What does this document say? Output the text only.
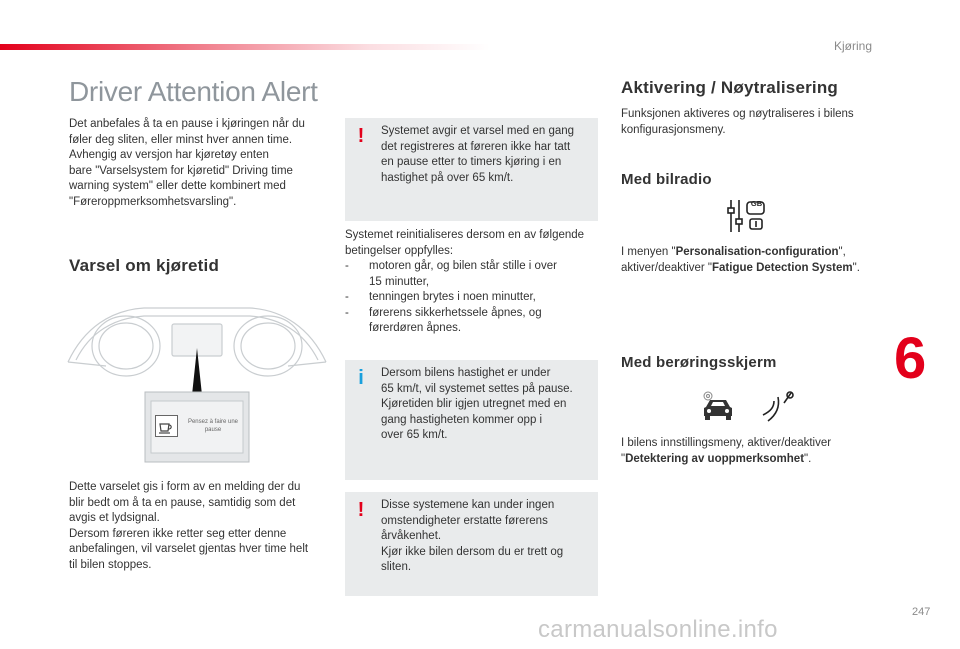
Kjøring
6
247
Driver Attention Alert
Det anbefales å ta en pause i kjøringen når du
føler deg sliten, eller minst hver annen time.
Avhengig av versjon har kjøretøy enten
bare "Varselsystem for kjøretid" Driving time
warning system" eller dette kombinert med
"Føreroppmerksomhetsvarsling".
Varsel om kjøretid
Pensez à faire une
pause
Dette varselet gis i form av en melding der du
blir bedt om å ta en pause, samtidig som det
avgis et lydsignal.
Dersom føreren ikke retter seg etter denne
anbefalingen, vil varselet gjentas hver time helt
til bilen stoppes.
! Systemet avgir et varsel med en gang
det registreres at føreren ikke har tatt
en pause etter to timers kjøring i en
hastighet på over 65 km/t.
Systemet reinitialiseres dersom en av følgende
betingelser oppfylles:
- motoren går, og bilen står stille i over
15 minutter,
- tenningen brytes i noen minutter,
- førerens sikkerhetssele åpnes, og
førerdøren åpnes.
i Dersom bilens hastighet er under
65 km/t, vil systemet settes på pause.
Kjøretiden blir igjen utregnet med en
gang hastigheten kommer opp i
over 65 km/t.
! Disse systemene kan under ingen
omstendigheter erstatte førerens
årvåkenhet.
Kjør ikke bilen dersom du er trett og
sliten.
Aktivering / Nøytralisering
Funksjonen aktiveres og nøytraliseres i bilens
konfigurasjonsmeny.
Med bilradio
GB
I menyen "Personalisation-configuration",
aktiver/deaktiver "Fatigue Detection System".
Med berøringsskjerm
I bilens innstillingsmeny, aktiver/deaktiver
"Detektering av uoppmerksomhet".
carmanualsonline.info
